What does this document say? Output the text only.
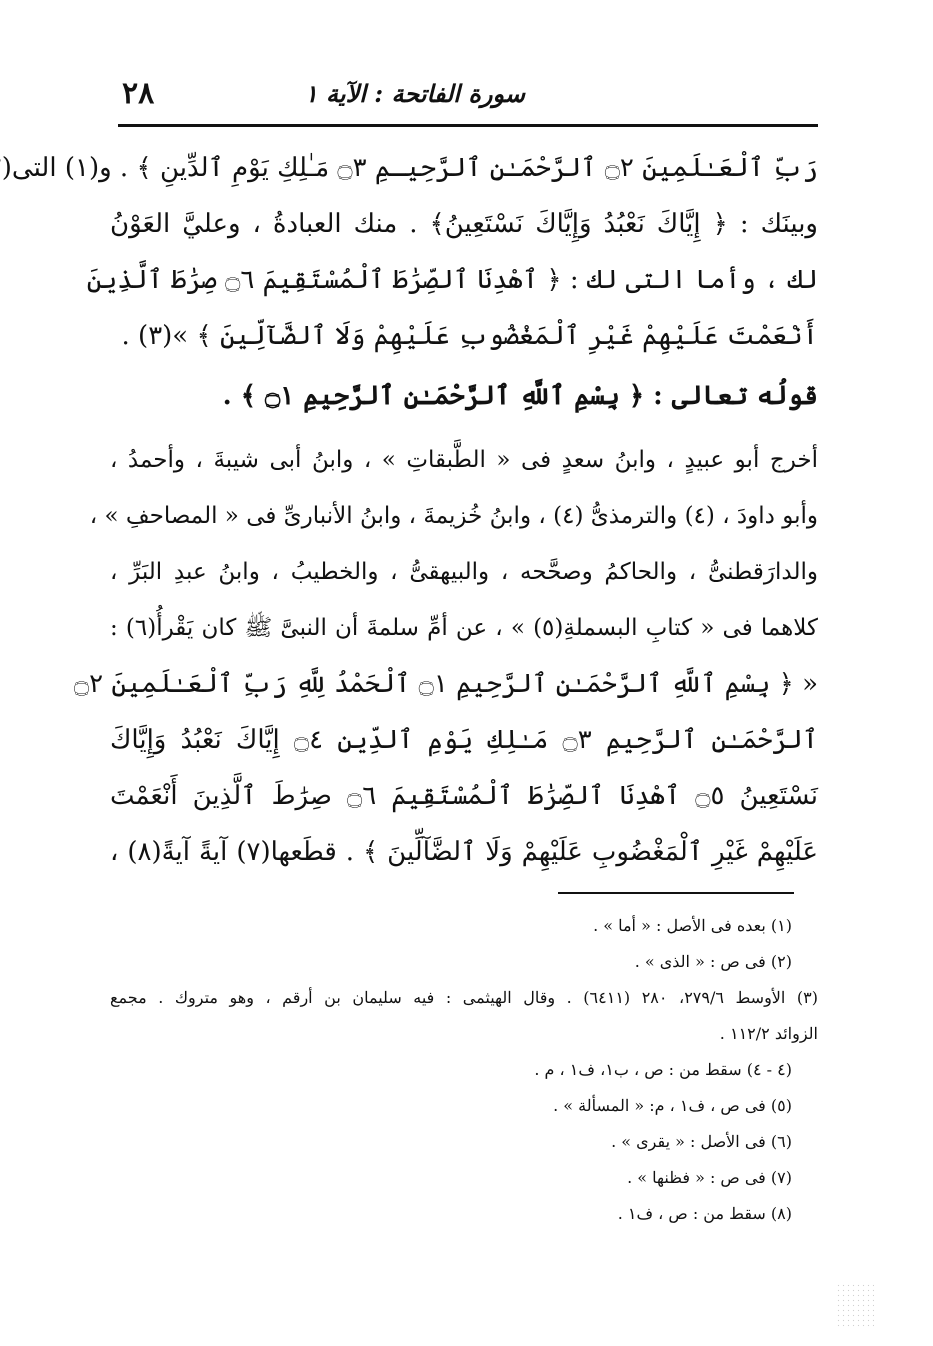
٢٨	سورة الفاتحة : الآية ١
رَبِّ ٱلْعَـٰلَمِينَ ۝٢ ٱلرَّحْمَـٰنِ ٱلرَّحِيـمِ ۝٣ مَـٰلِكِ يَوْمِ ٱلدِّينِ ﴾ . و(١) التى(
وبينَك : ﴿ إِيَّاكَ نَعْبُدُ وَإِيَّاكَ نَسْتَعِينُ﴾ . منك العبادةُ ، وعليَّ العَوْنُ
لك ، وأما التى لك : ﴿ ٱهْدِنَا ٱلصِّرَٰطَ ٱلْمُسْتَقِيمَ ۝٦ صِرَٰطَ ٱلَّذِينَ
أَنْعَمْتَ عَلَيْهِمْ غَيْرِ ٱلْمَغْضُوبِ عَلَيْهِمْ وَلَا ٱلضَّآلِّينَ ﴾ »(٣) .
قولُه تعالى : ﴿ بِسْمِ ٱللَّهِ ٱلرَّحْمَـٰنِ ٱلرَّحِيمِ ۝١ ﴾ .
أخرج أبو عبيدٍ ، وابنُ سعدٍ فى « الطَّبقاتِ » ، وابنُ أبى شيبةَ ، وأحمدُ ،
وأبو داودَ ، (٤) والترمذىُّ (٤) ، وابنُ خُزيمةَ ، وابنُ الأنبارىِّ فى « المصاحفِ » ،
والدارَقطنىُّ ، والحاكمُ وصحَّحه ، والبيهقىُّ ، والخطيبُ ، وابنُ عبدِ البَرِّ ،
كلاهما فى « كتابِ البسملةِ(٥) » ، عن أمِّ سلمةَ أن النبىَّ ﷺ كان يَقْرأُ(٦) :
« ﴿ بِسْمِ ٱللَّهِ ٱلرَّحْمَـٰنِ ٱلرَّحِيمِ ۝١ ٱلْحَمْدُ لِلَّهِ رَبِّ ٱلْعَـٰلَمِينَ ۝٢
ٱلرَّحْمَـٰنِ ٱلرَّحِيمِ ۝٣ مَـٰلِكِ يَوْمِ ٱلدِّينِ ۝٤ إِيَّاكَ نَعْبُدُ وَإِيَّاكَ
نَسْتَعِينُ ۝٥ ٱهْدِنَا ٱلصِّرَٰطَ ٱلْمُسْتَقِيمَ ۝٦ صِرَٰطَ ٱلَّذِينَ أَنْعَمْتَ
عَلَيْهِمْ غَيْرِ ٱلْمَغْضُوبِ عَلَيْهِمْ وَلَا ٱلضَّآلِّينَ ﴾ . قطَعها(٧) آيةً آيةً(٨) ،
(١) بعده فى الأصل : « أما » .
(٢) فى ص : « الذى » .
(٣) الأوسط ٢٧٩/٦، ٢٨٠ (٦٤١١) . وقال الهيثمى : فيه سليمان بن أرقم ، وهو متروك . مجمع
الزوائد ١١٢/٢ .
(٤ - ٤) سقط من : ص ، ب١، ف١ ، م .
(٥) فى ص ، ف١ ، م: « المسألة » .
(٦) فى الأصل : « يقرى » .
(٧) فى ص : « فظنها » .
(٨) سقط من : ص ، ف١ .
